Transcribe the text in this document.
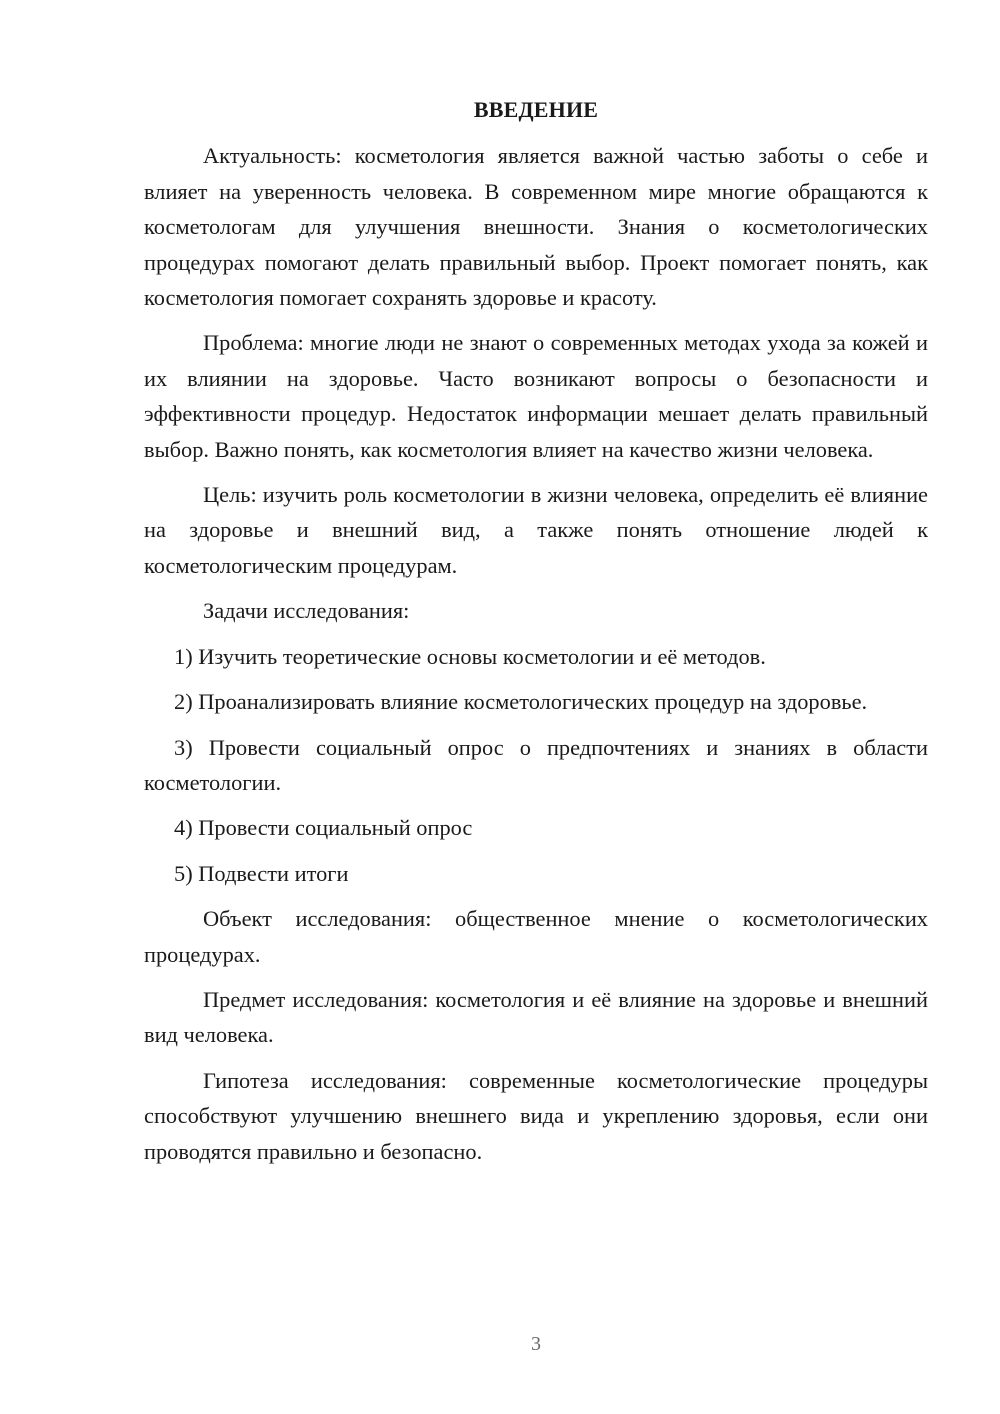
ВВЕДЕНИЕ

Актуальность: косметология является важной частью заботы о себе и влияет на уверенность человека. В современном мире многие обращаются к косметологам для улучшения внешности. Знания о косметологических процедурах помогают делать правильный выбор. Проект помогает понять, как косметология помогает сохранять здоровье и красоту.

Проблема: многие люди не знают о современных методах ухода за кожей и их влиянии на здоровье. Часто возникают вопросы о безопасности и эффективности процедур. Недостаток информации мешает делать правильный выбор. Важно понять, как косметология влияет на качество жизни человека.

Цель: изучить роль косметологии в жизни человека, определить её влияние на здоровье и внешний вид, а также понять отношение людей к косметологическим процедурам.

Задачи исследования:

1) Изучить теоретические основы косметологии и её методов.

2) Проанализировать влияние косметологических процедур на здоровье.

3) Провести социальный опрос о предпочтениях и знаниях в области косметологии.

4) Провести социальный опрос

5) Подвести итоги

Объект исследования: общественное мнение о косметологических процедурах.

Предмет исследования: косметология и её влияние на здоровье и внешний вид человека.

Гипотеза исследования: современные косметологические процедуры способствуют улучшению внешнего вида и укреплению здоровья, если они проводятся правильно и безопасно.

3
